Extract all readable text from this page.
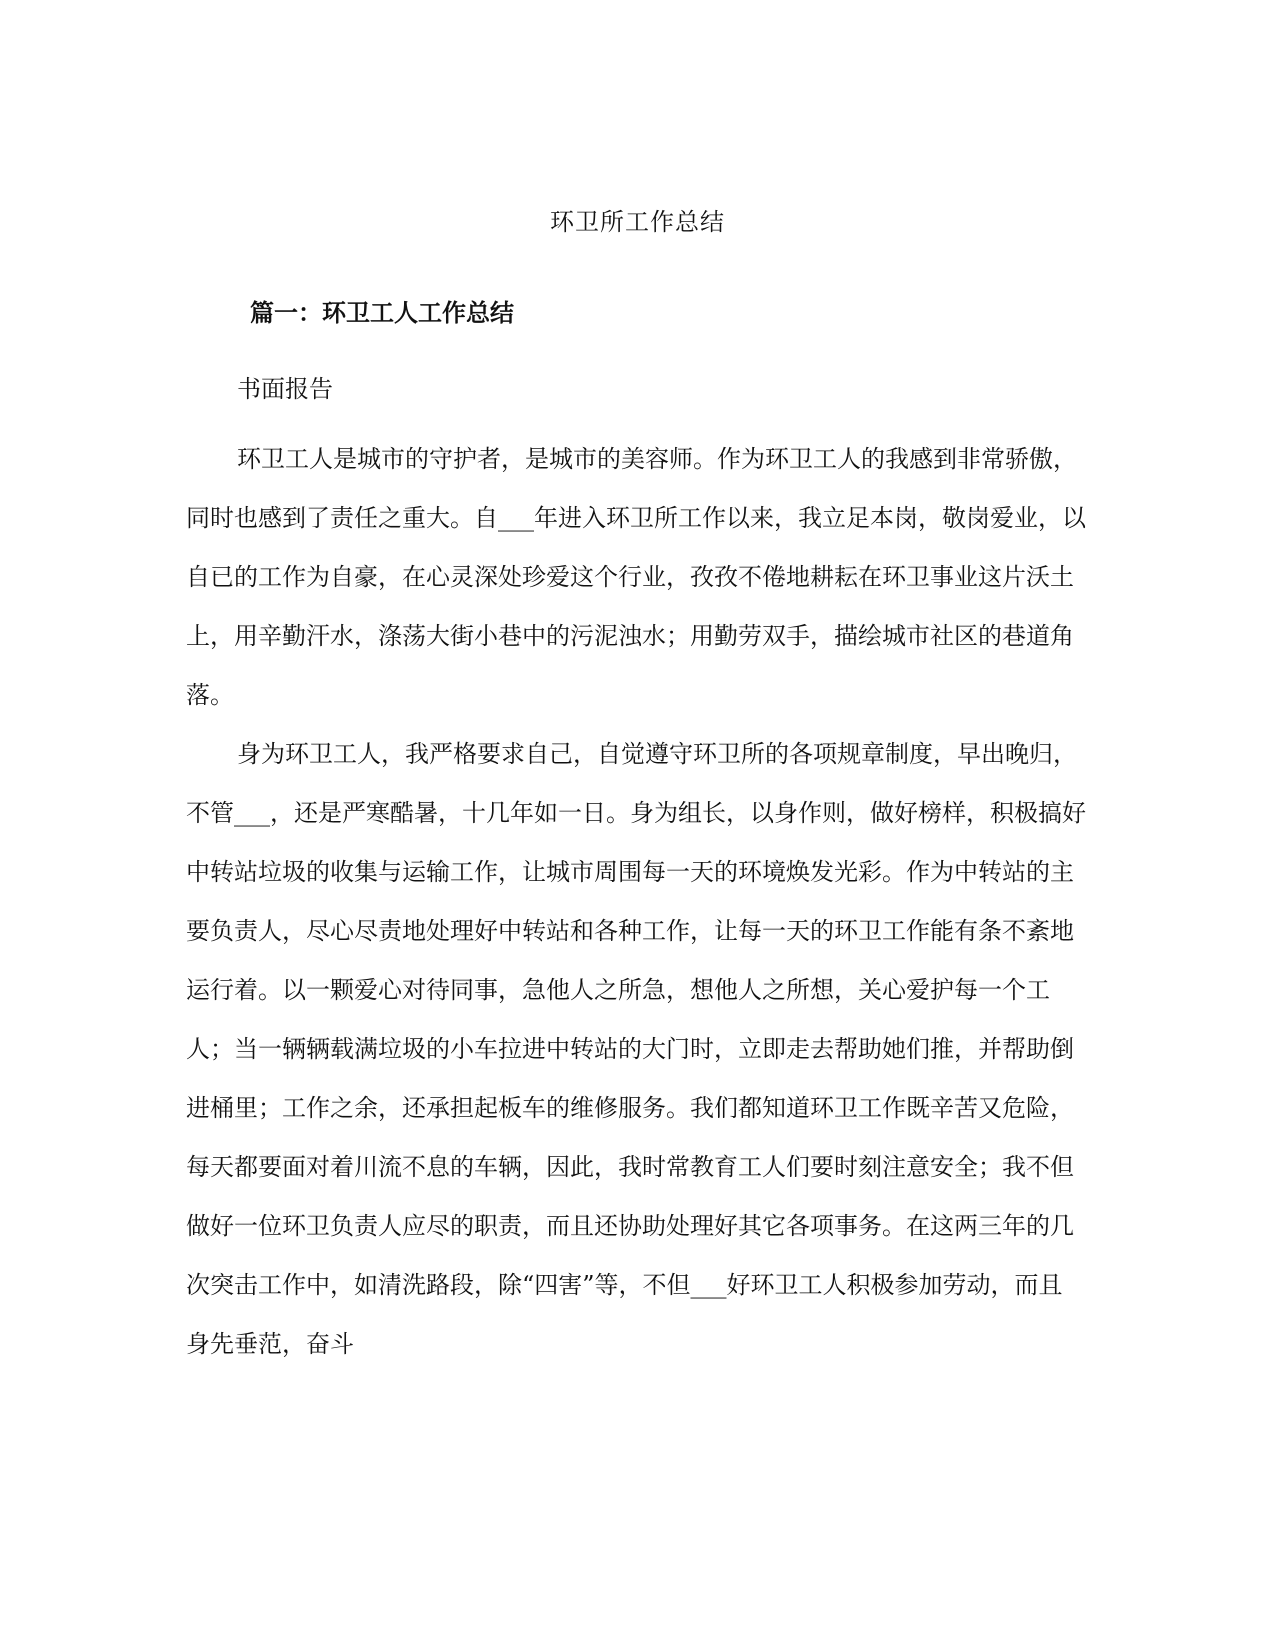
环卫所工作总结
篇一：环卫工人工作总结
书面报告

环卫工人是城市的守护者，是城市的美容师。作为环卫工人的我感到非常骄傲，同时也感到了责任之重大。自___年进入环卫所工作以来，我立足本岗，敬岗爱业，以自已的工作为自豪，在心灵深处珍爱这个行业，孜孜不倦地耕耘在环卫事业这片沃土上，用辛勤汗水，涤荡大街小巷中的污泥浊水；用勤劳双手，描绘城市社区的巷道角落。

身为环卫工人，我严格要求自己，自觉遵守环卫所的各项规章制度，早出晚归，不管___，还是严寒酷暑，十几年如一日。身为组长，以身作则，做好榜样，积极搞好中转站垃圾的收集与运输工作，让城市周围每一天的环境焕发光彩。作为中转站的主要负责人，尽心尽责地处理好中转站和各种工作，让每一天的环卫工作能有条不紊地运行着。以一颗爱心对待同事，急他人之所急，想他人之所想，关心爱护每一个工人；当一辆辆载满垃圾的小车拉进中转站的大门时，立即走去帮助她们推，并帮助倒进桶里；工作之余，还承担起板车的维修服务。我们都知道环卫工作既辛苦又危险，每天都要面对着川流不息的车辆，因此，我时常教育工人们要时刻注意安全；我不但做好一位环卫负责人应尽的职责，而且还协助处理好其它各项事务。在这两三年的几次突击工作中，如清洗路段，除“四害”等，不但___好环卫工人积极参加劳动，而且身先垂范，奋斗
